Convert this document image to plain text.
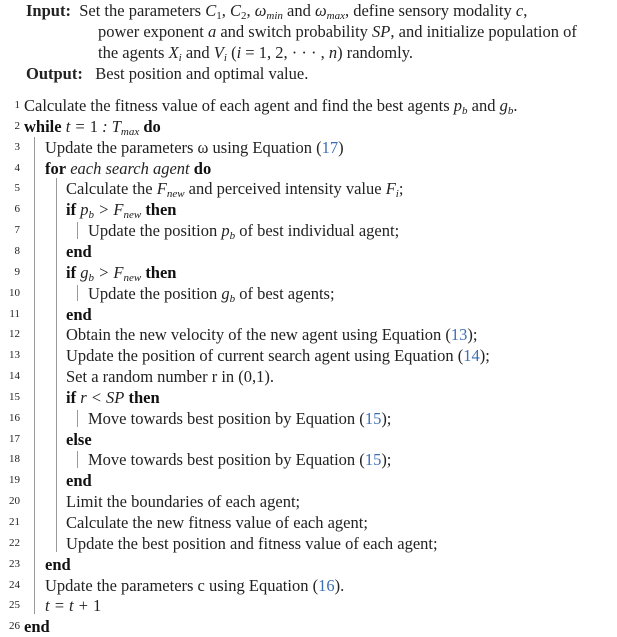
Input:  Set the parameters $C_1$, $C_2$, $\omega_{min}$ and $\omega_{max}$, define sensory modality c,
power exponent a and switch probability SP, and initialize population of
the agents $X_i$ and $V_i$ (i = 1, 2, · · · , n) randomly.
Output: Best position and optimal value.
1 Calculate the fitness value of each agent and find the best agents $p_b$ and $g_b$.
2 while t = 1 : $T_{max}$ do
3 Update the parameters ω using Equation (17)
4 for each search agent do
5	Calculate the $F_{new}$ and perceived intensity value $F_i$;
6	if $p_b > F_{new}$ then
7	Update the position $p_b$ of best individual agent;
8	end
9	if $g_b > F_{new}$ then
10	Update the position $g_b$ of best agents;
11	end
12	Obtain the new velocity of the new agent using Equation (13);
13	Update the position of current search agent using Equation (14);
14	Set a random number r in (0,1).
15	if r < SP then
16	Move towards best position by Equation (15);
17	else
18	Move towards best position by Equation (15);
19	end
20	Limit the boundaries of each agent;
21	Calculate the new fitness value of each agent;
22	Update the best position and fitness value of each agent;
23 end
24 Update the parameters c using Equation (16).
25 t = t + 1
26 end
